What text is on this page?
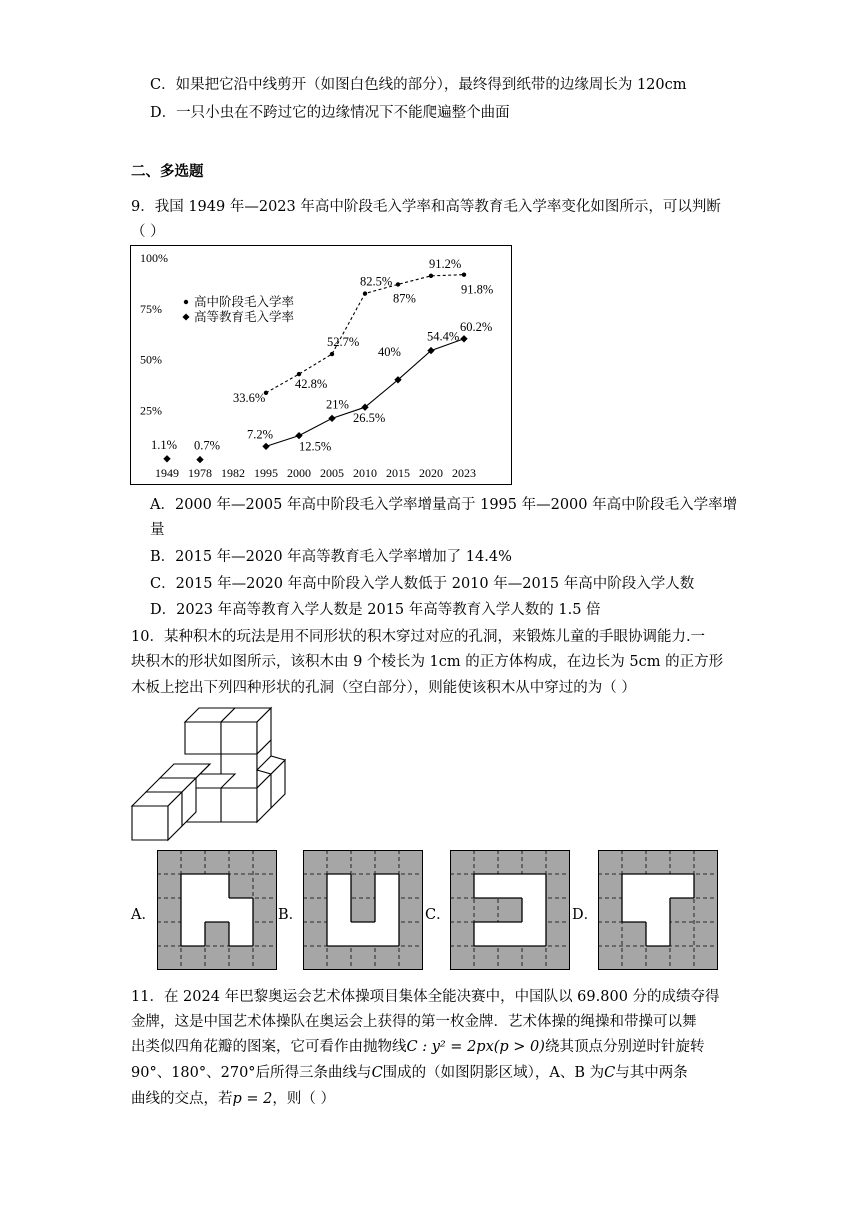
C．如果把它沿中线剪开（如图白色线的部分），最终得到纸带的边缘周长为 120cm
D．一只小虫在不跨过它的边缘情况下不能爬遍整个曲面
二、多选题
9．我国 1949 年—2023 年高中阶段毛入学率和高等教育毛入学率变化如图所示，可以判断
（ ）
1949 1978 1982 1995 2000 2005 2010 2015 2020 2023
25%
50%
75%
100%
高中阶段毛入学率
高等教育毛入学率
33.6%
42.8%
52.7%
82.5%
87%
91.2%
91.8%
1.1% 0.7%
7.2%
12.5%
21%
26.5%
40%
54.4%
60.2%
A．2000 年—2005 年高中阶段毛入学率增量高于 1995 年—2000 年高中阶段毛入学率增
量
B．2015 年—2020 年高等教育毛入学率增加了 14.4%
C．2015 年—2020 年高中阶段入学人数低于 2010 年—2015 年高中阶段入学人数
D．2023 年高等教育入学人数是 2015 年高等教育入学人数的 1.5 倍
10．某种积木的玩法是用不同形状的积木穿过对应的孔洞，来锻炼儿童的手眼协调能力.一
块积木的形状如图所示，该积木由 9 个棱长为 1cm 的正方体构成，在边长为 5cm 的正方形
木板上挖出下列四种形状的孔洞（空白部分），则能使该积木从中穿过的为（ ）
A．	B．	C．	D．
11．在 2024 年巴黎奥运会艺术体操项目集体全能决赛中，中国队以 69.800 分的成绩夺得
金牌，这是中国艺术体操队在奥运会上获得的第一枚金牌．艺术体操的绳操和带操可以舞
出类似四角花瓣的图案，它可看作由抛物线C : y² = 2px(p > 0)绕其顶点分别逆时针旋转
90°、180°、270°后所得三条曲线与C围成的（如图阴影区域），A、B 为C与其中两条
曲线的交点，若p = 2，则（ ）
